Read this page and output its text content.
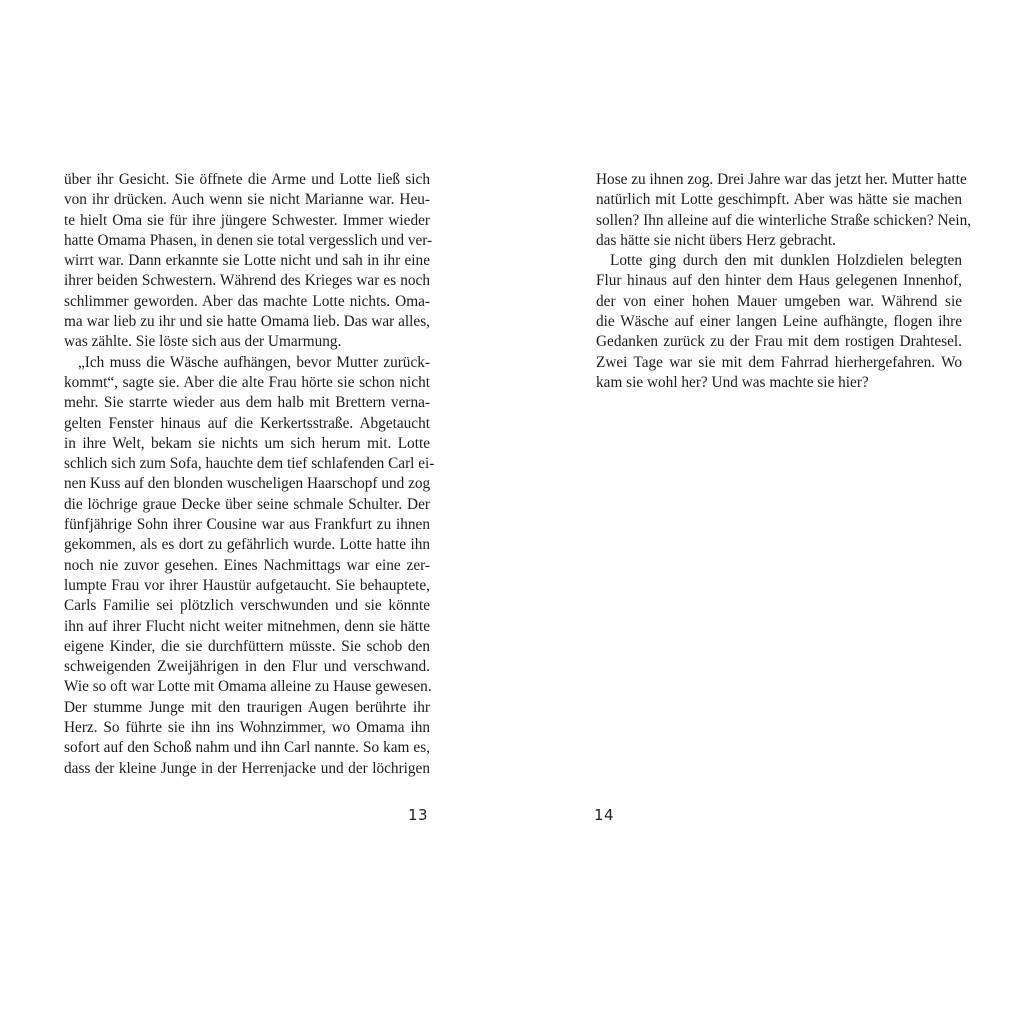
über ihr Gesicht. Sie öffnete die Arme und Lotte ließ sich
von ihr drücken. Auch wenn sie nicht Marianne war. Heu-
te hielt Oma sie für ihre jüngere Schwester. Immer wieder
hatte Omama Phasen, in denen sie total vergesslich und ver-
wirrt war. Dann erkannte sie Lotte nicht und sah in ihr eine
ihrer beiden Schwestern. Während des Krieges war es noch
schlimmer geworden. Aber das machte Lotte nichts. Oma-
ma war lieb zu ihr und sie hatte Omama lieb. Das war alles,
was zählte. Sie löste sich aus der Umarmung.
„Ich muss die Wäsche aufhängen, bevor Mutter zurück-
kommt“, sagte sie. Aber die alte Frau hörte sie schon nicht
mehr. Sie starrte wieder aus dem halb mit Brettern verna-
gelten Fenster hinaus auf die Kerkertsstraße. Abgetaucht
in ihre Welt, bekam sie nichts um sich herum mit. Lotte
schlich sich zum Sofa, hauchte dem tief schlafenden Carl ei-
nen Kuss auf den blonden wuscheligen Haarschopf und zog
die löchrige graue Decke über seine schmale Schulter. Der
fünfjährige Sohn ihrer Cousine war aus Frankfurt zu ihnen
gekommen, als es dort zu gefährlich wurde. Lotte hatte ihn
noch nie zuvor gesehen. Eines Nachmittags war eine zer-
lumpte Frau vor ihrer Haustür aufgetaucht. Sie behauptete,
Carls Familie sei plötzlich verschwunden und sie könnte
ihn auf ihrer Flucht nicht weiter mitnehmen, denn sie hätte
eigene Kinder, die sie durchfüttern müsste. Sie schob den
schweigenden Zweijährigen in den Flur und verschwand.
Wie so oft war Lotte mit Omama alleine zu Hause gewesen.
Der stumme Junge mit den traurigen Augen berührte ihr
Herz. So führte sie ihn ins Wohnzimmer, wo Omama ihn
sofort auf den Schoß nahm und ihn Carl nannte. So kam es,
dass der kleine Junge in der Herrenjacke und der löchrigen
13
Hose zu ihnen zog. Drei Jahre war das jetzt her. Mutter hatte
natürlich mit Lotte geschimpft. Aber was hätte sie machen
sollen? Ihn alleine auf die winterliche Straße schicken? Nein,
das hätte sie nicht übers Herz gebracht.
Lotte ging durch den mit dunklen Holzdielen belegten
Flur hinaus auf den hinter dem Haus gelegenen Innenhof,
der von einer hohen Mauer umgeben war. Während sie
die Wäsche auf einer langen Leine aufhängte, flogen ihre
Gedanken zurück zu der Frau mit dem rostigen Drahtesel.
Zwei Tage war sie mit dem Fahrrad hierhergefahren. Wo
kam sie wohl her? Und was machte sie hier?
14
